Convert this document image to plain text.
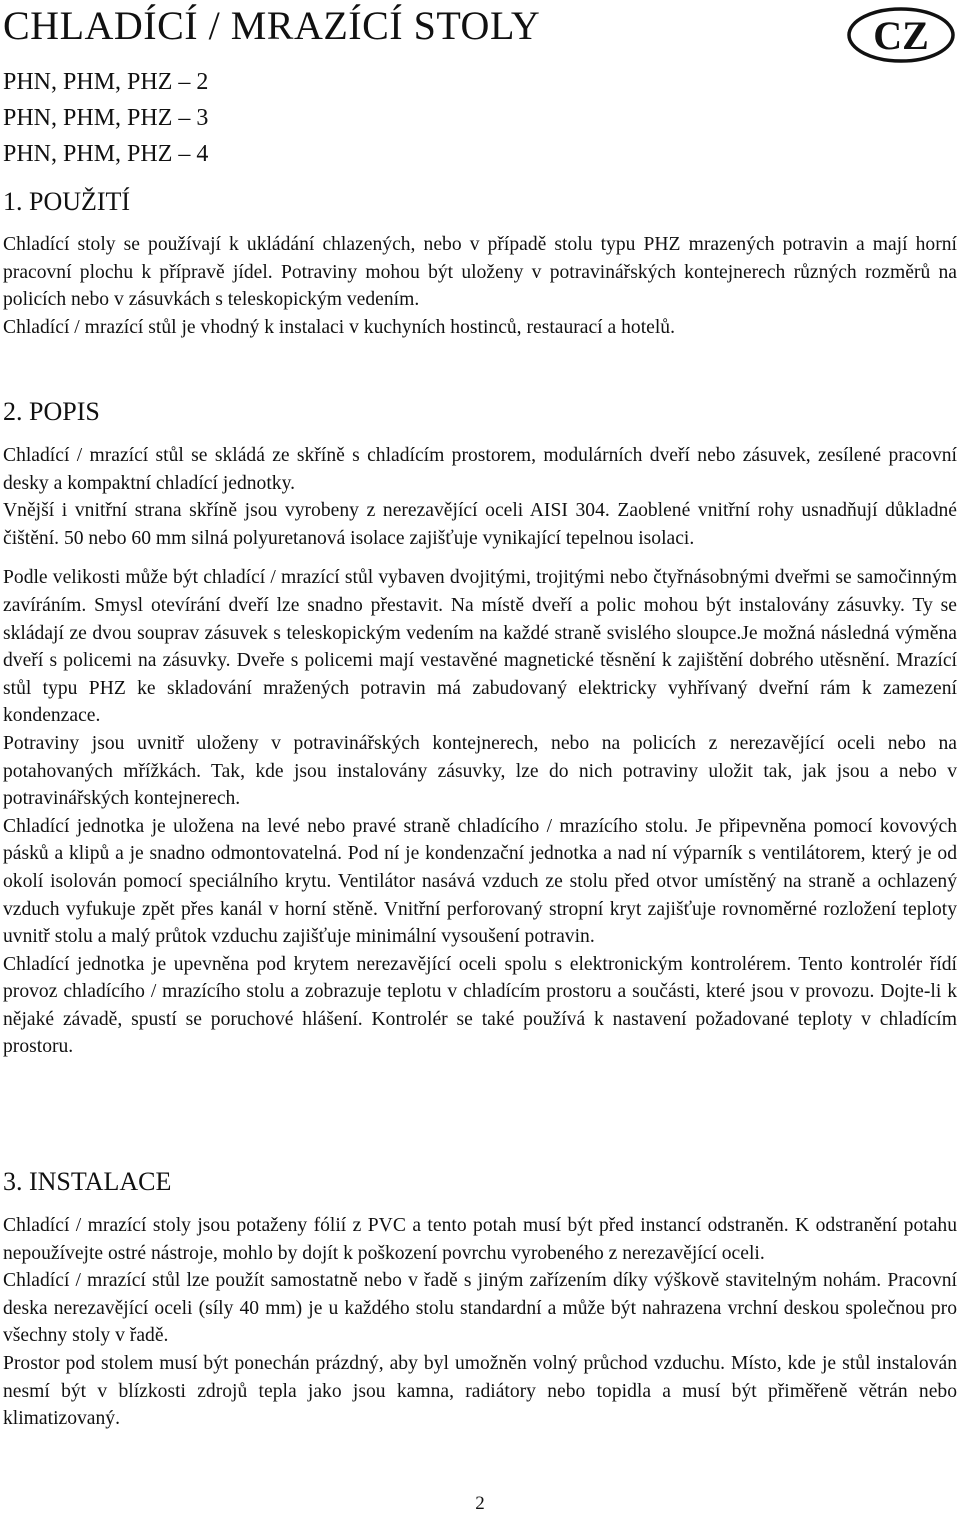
CHLADÍCÍ / MRAZÍCÍ STOLY	CZ
PHN, PHM, PHZ – 2
PHN, PHM, PHZ – 3
PHN, PHM, PHZ – 4
1. POUŽITÍ

Chladící stoly se používají k ukládání chlazených, nebo v případě stolu typu PHZ mrazených potravin a mají horní pracovní plochu k přípravě jídel. Potraviny mohou být uloženy v potravinářských kontejnerech různých rozměrů na policích nebo v zásuvkách s teleskopickým vedením.

Chladící / mrazící stůl je vhodný k instalaci v kuchyních hostinců, restaurací a hotelů.

2. POPIS

Chladící / mrazící stůl se skládá ze skříně s chladícím prostorem, modulárních dveří nebo zásuvek, zesílené pracovní desky a kompaktní chladící jednotky.

Vnější i vnitřní strana skříně jsou vyrobeny z nerezavějící oceli AISI 304. Zaoblené vnitřní rohy usnadňují důkladné čištění. 50 nebo 60 mm silná polyuretanová isolace zajišťuje vynikající tepelnou isolaci.

Podle velikosti může být chladící / mrazící stůl vybaven dvojitými, trojitými nebo čtyřnásobnými dveřmi se samočinným zavíráním. Smysl otevírání dveří lze snadno přestavit. Na místě dveří a polic mohou být instalovány zásuvky. Ty se skládají ze dvou souprav zásuvek s teleskopickým vedením na každé straně svislého sloupce.Je možná následná výměna dveří s policemi na zásuvky. Dveře s policemi mají vestavěné magnetické těsnění k zajištění dobrého utěsnění. Mrazící stůl typu PHZ ke skladování mražených potravin má zabudovaný elektricky vyhřívaný dveřní rám k zamezení kondenzace.

Potraviny jsou uvnitř uloženy v potravinářských kontejnerech, nebo na policích z nerezavějící oceli nebo na potahovaných mřížkách. Tak, kde jsou instalovány zásuvky, lze do nich potraviny uložit tak, jak jsou a nebo v potravinářských kontejnerech.

Chladící jednotka je uložena na levé nebo pravé straně chladícího / mrazícího stolu. Je připevněna pomocí kovových pásků a klipů a je snadno odmontovatelná. Pod ní je kondenzační jednotka a nad ní výparník s ventilátorem, který je od okolí isolován pomocí speciálního krytu. Ventilátor nasává vzduch ze stolu před otvor umístěný na straně a ochlazený vzduch vyfukuje zpět přes kanál v horní stěně. Vnitřní perforovaný stropní kryt zajišťuje rovnoměrné rozložení teploty uvnitř stolu a malý průtok vzduchu zajišťuje minimální vysoušení potravin.

Chladící jednotka je upevněna pod krytem nerezavějící oceli spolu s elektronickým kontrolérem. Tento kontrolér řídí provoz chladícího / mrazícího stolu a zobrazuje teplotu v chladícím prostoru a součásti, které jsou v provozu. Dojte-li k nějaké závadě, spustí se poruchové hlášení. Kontrolér se také používá k nastavení požadované teploty v chladícím prostoru.

3. INSTALACE

Chladící / mrazící stoly jsou potaženy fólií z PVC a tento potah musí být před instancí odstraněn. K odstranění potahu nepoužívejte ostré nástroje, mohlo by dojít k poškození povrchu vyrobeného z nerezavějící oceli.

Chladící / mrazící stůl lze použít samostatně nebo v řadě s jiným zařízením díky výškově stavitelným nohám. Pracovní deska nerezavějící oceli (síly 40 mm) je u každého stolu standardní a může být nahrazena vrchní deskou společnou pro všechny stoly v řadě.

Prostor pod stolem musí být ponechán prázdný, aby byl umožněn volný průchod vzduchu. Místo, kde je stůl instalován nesmí být v blízkosti zdrojů tepla jako jsou kamna, radiátory nebo topidla a musí být přiměřeně větrán nebo klimatizovaný.

2
